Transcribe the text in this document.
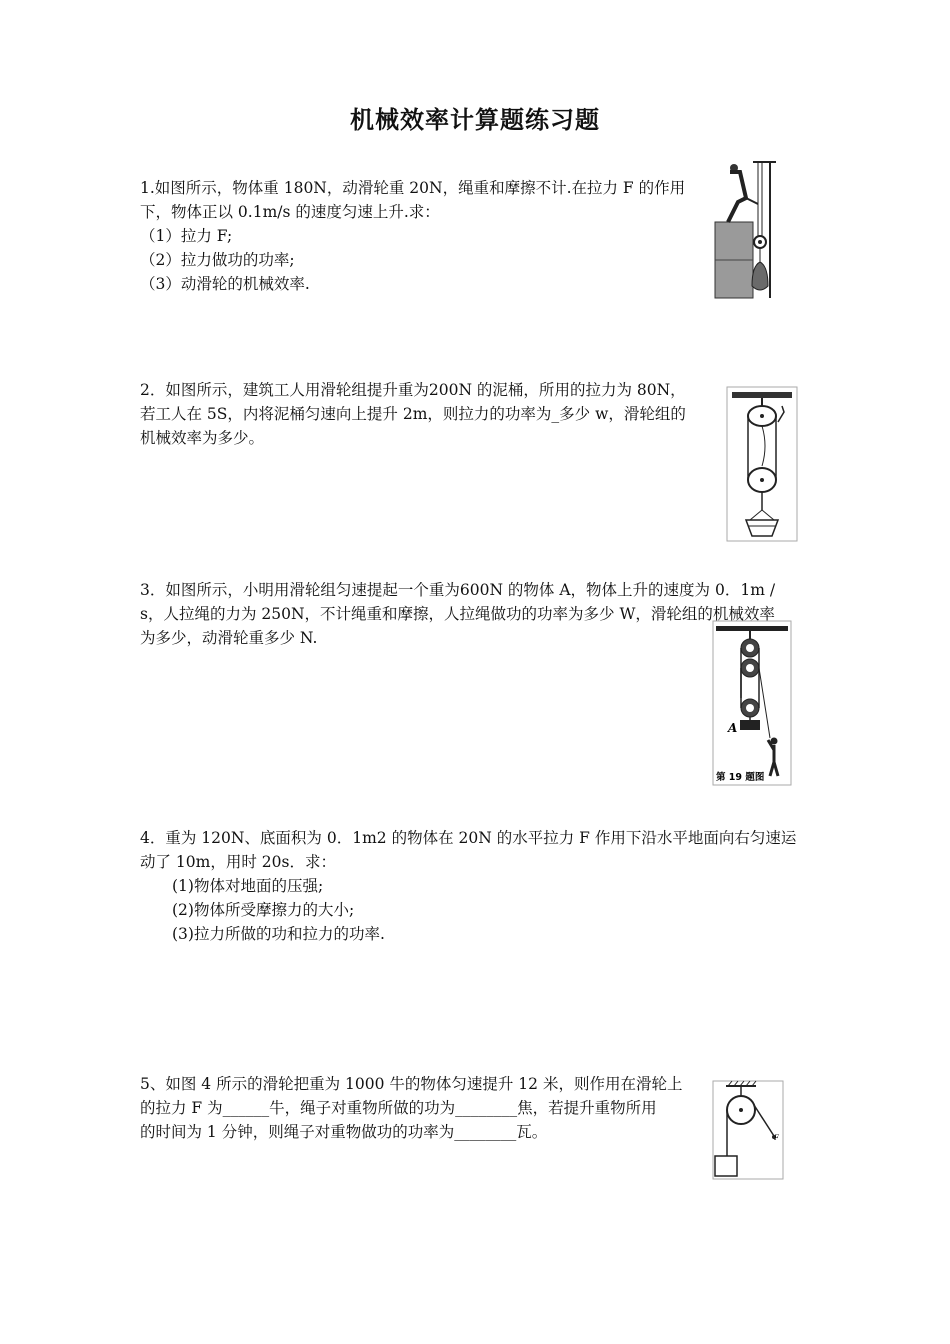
机械效率计算题练习题

1.如图所示，物体重 180N，动滑轮重 20N，绳重和摩擦不计.在拉力 F 的作用

下，物体正以 0.1m/s 的速度匀速上升.求：

（1）拉力 F;

（2）拉力做功的功率;

（3）动滑轮的机械效率.

2．如图所示，建筑工人用滑轮组提升重为200N 的泥桶，所用的拉力为 80N，

若工人在 5S，内将泥桶匀速向上提升 2m，则拉力的功率为_多少 w，滑轮组的

机械效率为多少。

3．如图所示，小明用滑轮组匀速提起一个重为600N 的物体 A，物体上升的速度为 0．1m /

s，人拉绳的力为 250N，不计绳重和摩擦，人拉绳做功的功率为多少 W，滑轮组的机械效率

为多少，动滑轮重多少 N.

A
第 19 题图

4．重为 120N、底面积为 0．1m2 的物体在 20N 的水平拉力 F 作用下沿水平地面向右匀速运

动了 10m，用时 20s．求：

(1)物体对地面的压强;

(2)物体所受摩擦力的大小;

(3)拉力所做的功和拉力的功率.

5、如图 4 所示的滑轮把重为 1000 牛的物体匀速提升 12 米，则作用在滑轮上

的拉力 F 为______牛，绳子对重物所做的功为________焦，若提升重物所用

的时间为 1 分钟，则绳子对重物做功的功率为________瓦。	F
